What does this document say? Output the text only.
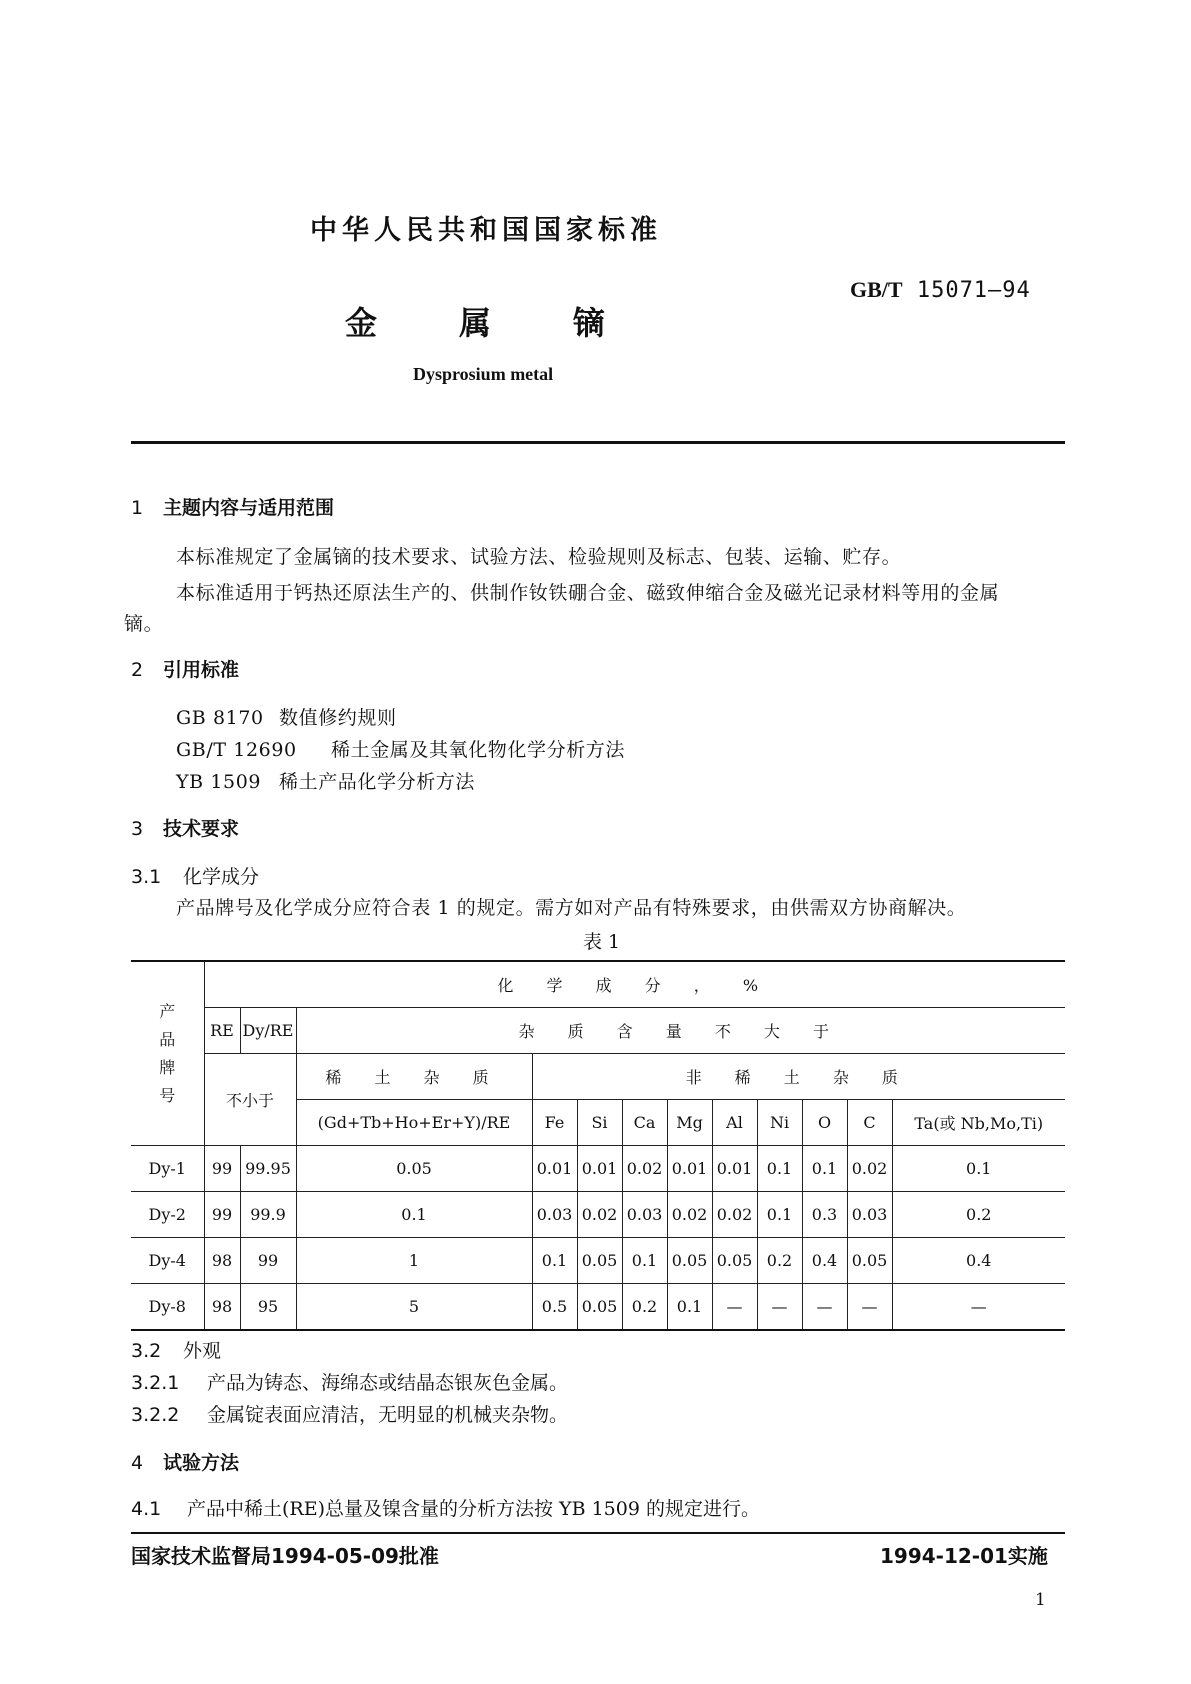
中华人民共和国国家标准
GB/T 15071—94
金	属	镝
Dysprosium metal
1 主题内容与适用范围
本标准规定了金属镝的技术要求、试验方法、检验规则及标志、包装、运输、贮存。
本标准适用于钙热还原法生产的、供制作钕铁硼合金、磁致伸缩合金及磁光记录材料等用的金属
镝。
2 引用标准
GB 8170 数值修约规则
GB/T 12690 稀土金属及其氧化物化学分析方法
YB 1509 稀土产品化学分析方法
3 技术要求
3.1 化学成分
产品牌号及化学成分应符合表 1 的规定。需方如对产品有特殊要求，由供需双方协商解决。
表 1
产
品
牌
号	化 学 成 分 ， %											
	RE	Dy/RE	杂 质 含 量 不 大 于									
	不小于		稀 土 杂 质	非 稀 土 杂 质								
			(Gd+Tb+Ho+Er+Y)/RE	Fe	Si	Ca	Mg	Al	Ni	O	C	Ta(或 Nb,Mo,Ti)
Dy-1	99	99.95	0.05	0.01	0.01	0.02	0.01	0.01	0.1	0.1	0.02	0.1
Dy-2	99	99.9	0.1	0.03	0.02	0.03	0.02	0.02	0.1	0.3	0.03	0.2
Dy-4	98	99	1	0.1	0.05	0.1	0.05	0.05	0.2	0.4	0.05	0.4
Dy-8	98	95	5	0.5	0.05	0.2	0.1	—	—	—	—	—
3.2 外观
3.2.1 产品为铸态、海绵态或结晶态银灰色金属。
3.2.2 金属锭表面应清洁，无明显的机械夹杂物。
4 试验方法
4.1 产品中稀土(RE)总量及镍含量的分析方法按 YB 1509 的规定进行。
国家技术监督局1994-05-09批准	1994-12-01实施
1
